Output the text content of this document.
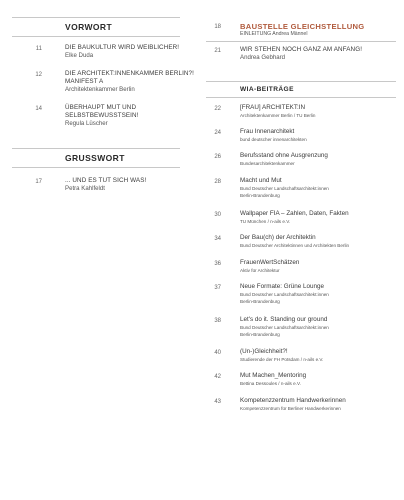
VORWORT
11	DIE BAUKULTUR WIRD WEIBLICHER!
Elke Duda
12	DIE ARCHITEKT:INNENKAMMER BERLIN?!
MANIFEST A
Architektenkammer Berlin
14	ÜBERHAUPT MUT UND
SELBSTBEWUSSTSEIN!
Regula Lüscher
GRUSSWORT
17	... UND ES TUT SICH WAS!
Petra Kahlfeldt
18	BAUSTELLE GLEICHSTELLUNG
EINLEITUNG Andrea Männel
21	WIR STEHEN NOCH GANZ AM ANFANG!
Andrea Gebhard
WIA-BEITRÄGE
22	[FRAU] ARCHITEKT:IN
Architektenkammer Berlin / TU Berlin
24	Frau Innenarchitekt
bund deutscher innenarchitekten
26	Berufsstand ohne Ausgrenzung
Bundesarchitektenkammer
28	Macht und Mut
Bund Deutscher Landschaftsarchitekt:innen
Berlin-Brandenburg
30	Wallpaper FIA – Zahlen, Daten, Fakten
TU München / n-ails e.V.
34	Der Bau(ch) der Architektin
Bund Deutscher Architektinnen und Architekten Berlin
36	FrauenWertSchätzen
Aktiv für Architektur
37	Neue Formate: Grüne Lounge
Bund Deutscher Landschaftsarchitekt:innen
Berlin-Brandenburg
38	Let's do it. Standing our ground
Bund Deutscher Landschaftsarchitekt:innen
Berlin-Brandenburg
40	(Un-)Gleichheit?!
Studierende der FH Potsdam / n-ails e.V.
42	Mut Machen_Mentoring
Bettina Dessoules / n-ails e.V.
43	Kompetenzzentrum Handwerkerinnen
Kompetenzzentrum für Berliner Handwerkerinnen
